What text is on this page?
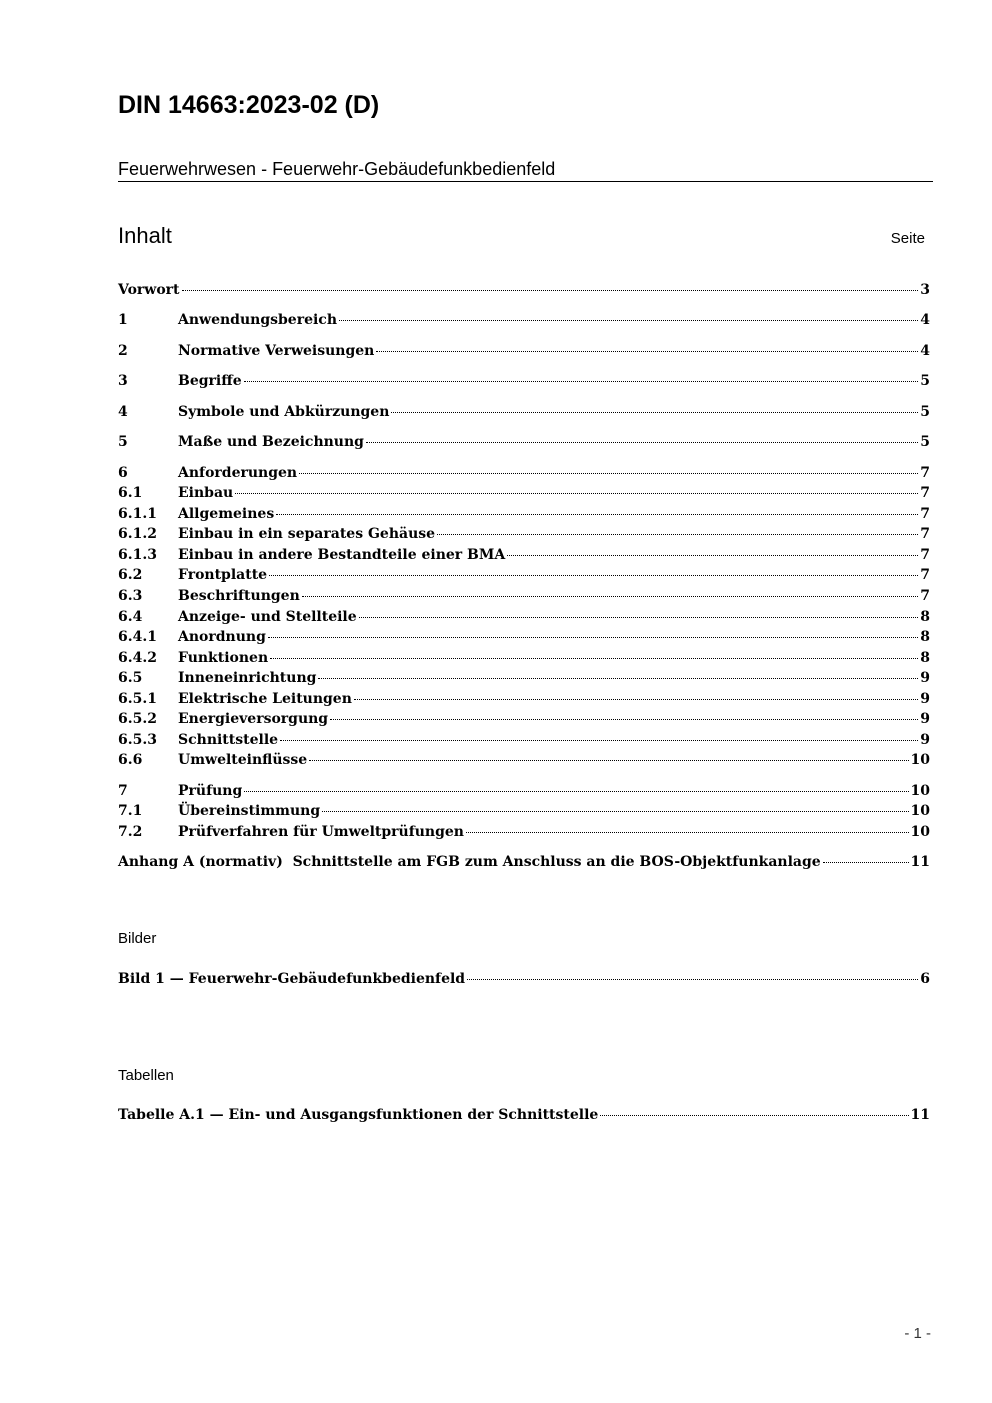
DIN 14663:2023-02 (D)
Feuerwehrwesen - Feuerwehr-Gebäudefunkbedienfeld
Inhalt	Seite
Vorwort	3
1	Anwendungsbereich	4
2	Normative Verweisungen	4
3	Begriffe	5
4	Symbole und Abkürzungen	5
5	Maße und Bezeichnung	5
6	Anforderungen	7
6.1	Einbau	7
6.1.1	Allgemeines	7
6.1.2	Einbau in ein separates Gehäuse	7
6.1.3	Einbau in andere Bestandteile einer BMA	7
6.2	Frontplatte	7
6.3	Beschriftungen	7
6.4	Anzeige- und Stellteile	8
6.4.1	Anordnung	8
6.4.2	Funktionen	8
6.5	Inneneinrichtung	9
6.5.1	Elektrische Leitungen	9
6.5.2	Energieversorgung	9
6.5.3	Schnittstelle	9
6.6	Umwelteinflüsse	10
7	Prüfung	10
7.1	Übereinstimmung	10
7.2	Prüfverfahren für Umweltprüfungen	10
Anhang A (normativ)  Schnittstelle am FGB zum Anschluss an die BOS-Objektfunkanlage	11
Bilder
Bild 1 — Feuerwehr-Gebäudefunkbedienfeld	6
Tabellen
Tabelle A.1 — Ein- und Ausgangsfunktionen der Schnittstelle	11
- 1 -
